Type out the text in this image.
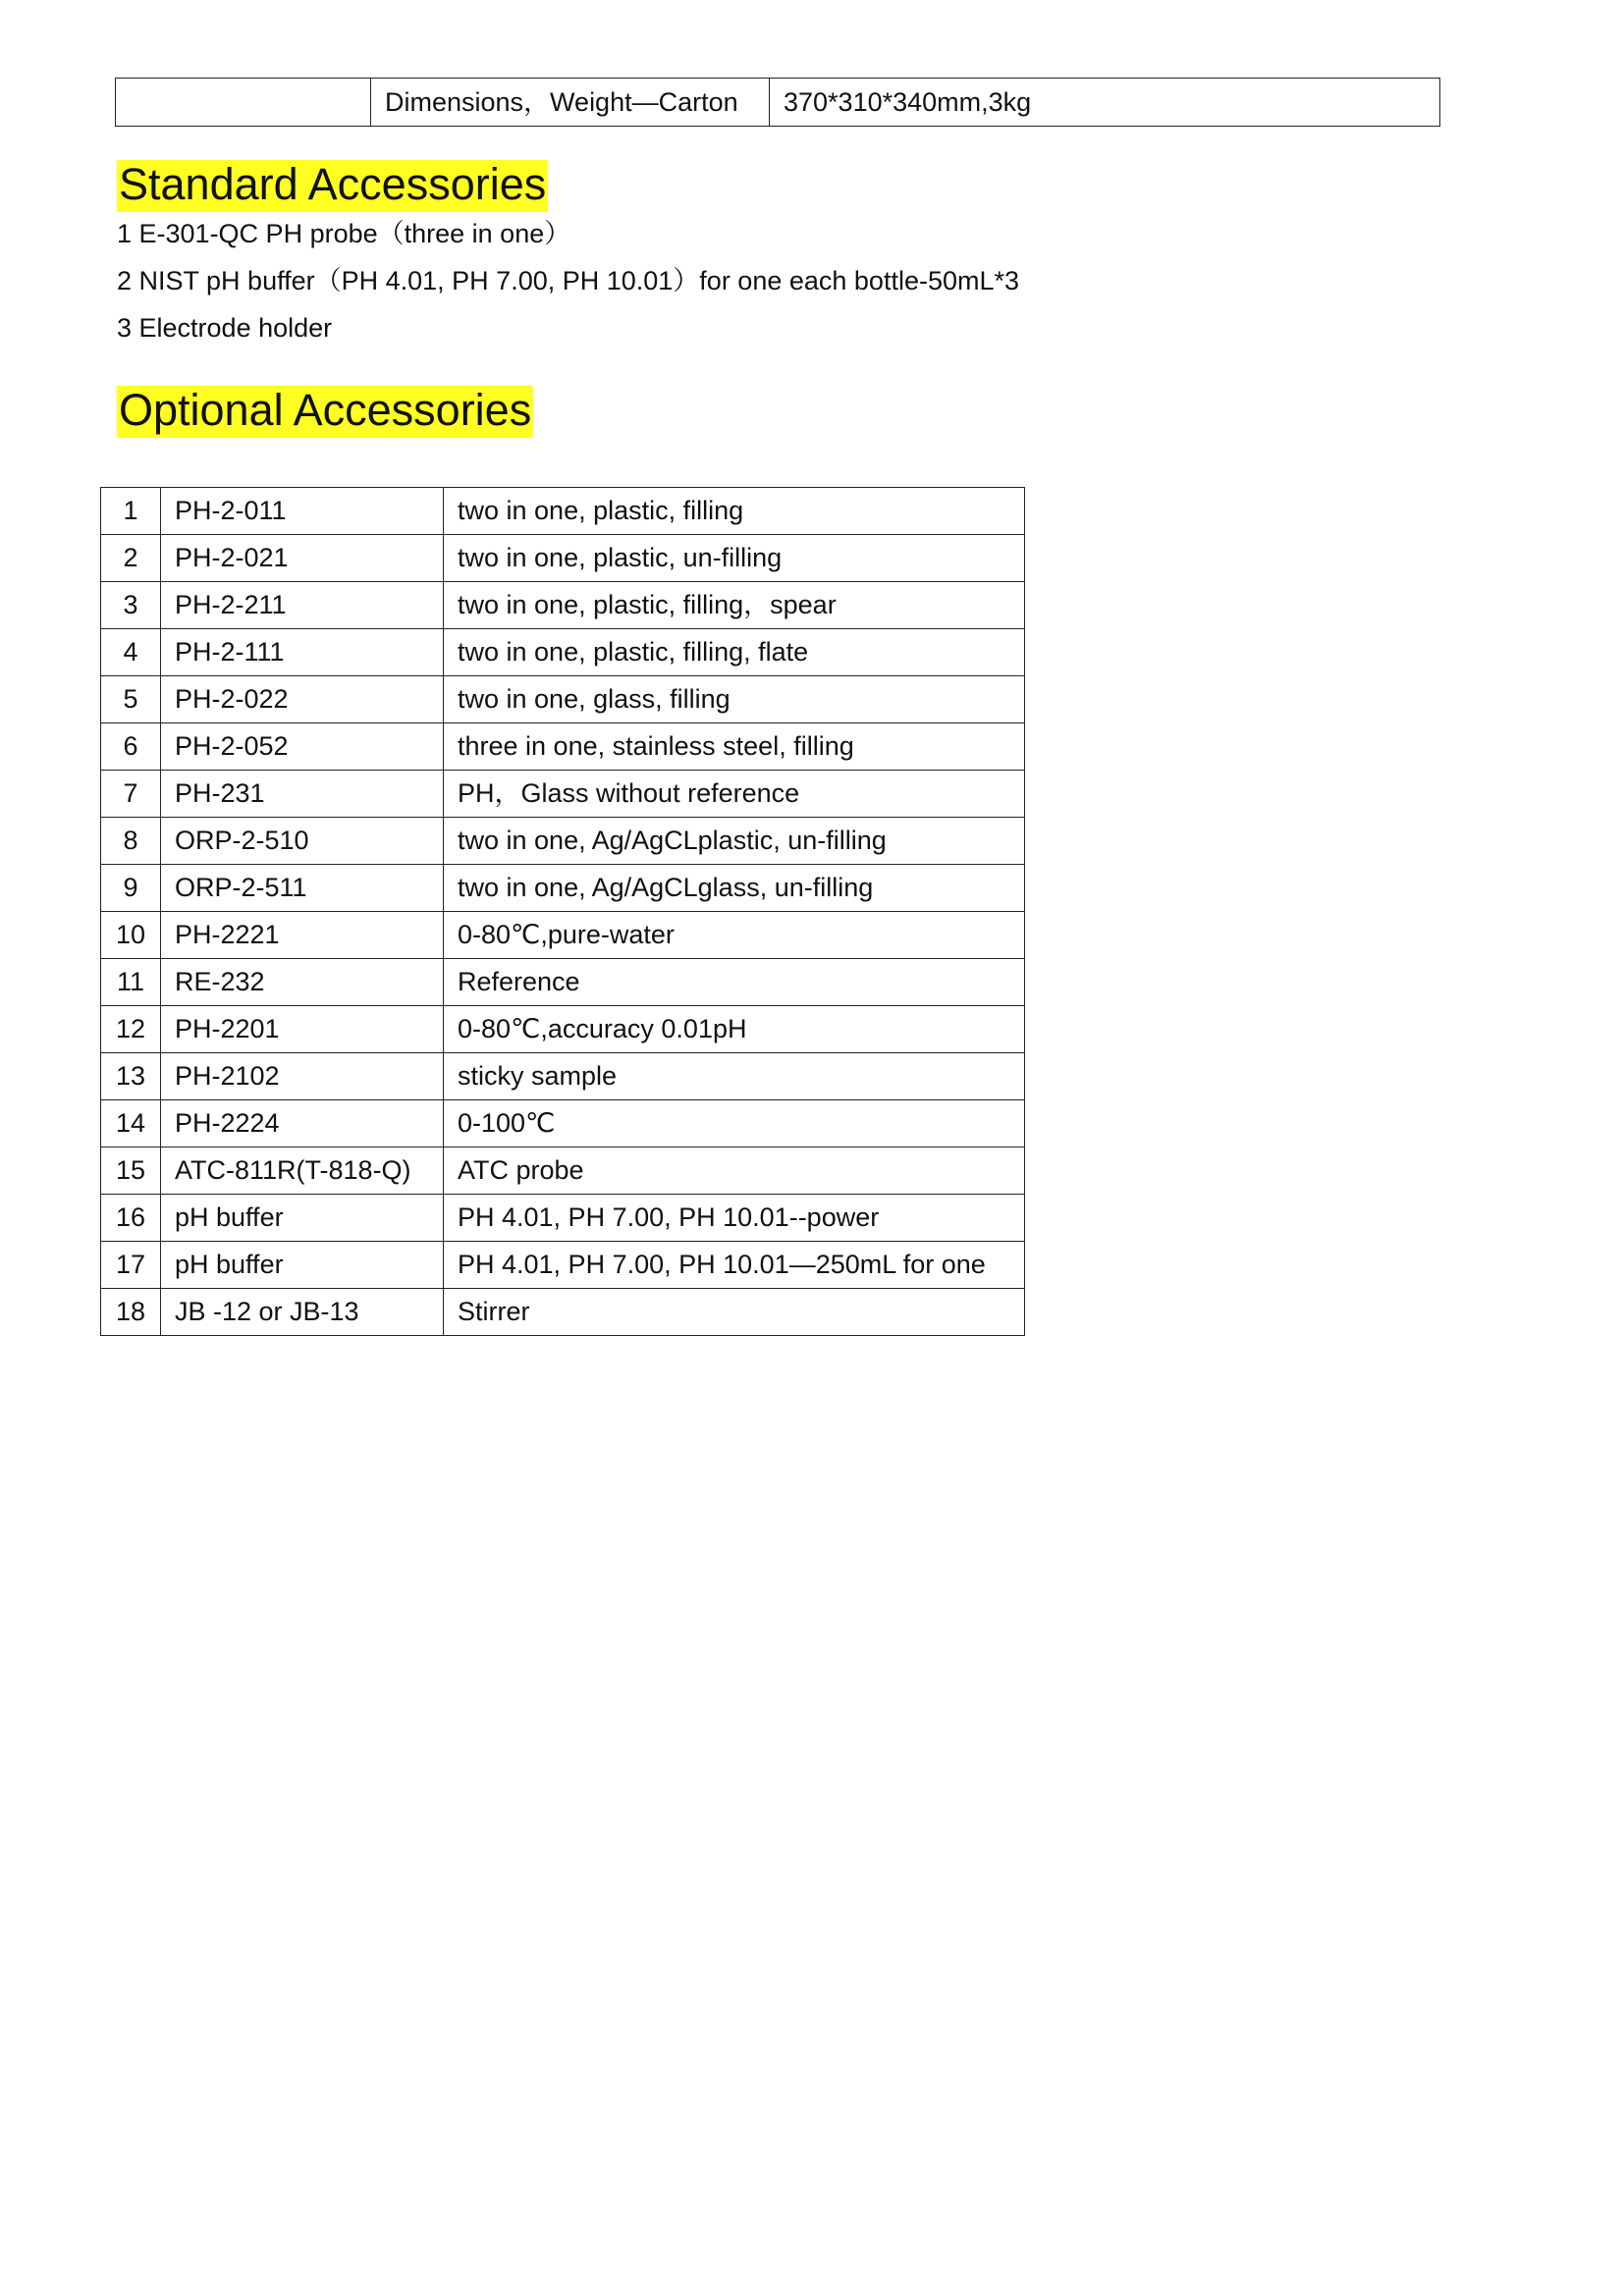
	Dimensions，Weight—Carton	370*310*340mm,3kg
Standard Accessories
1 E-301-QC PH probe（three in one）
2 NIST pH buffer（PH 4.01, PH 7.00, PH 10.01）for one each bottle-50mL*3
3 Electrode holder
Optional Accessories
1	PH-2-011	two in one, plastic, filling
2	PH-2-021	two in one, plastic, un-filling
3	PH-2-211	two in one, plastic, filling，spear
4	PH-2-111	two in one, plastic, filling, flate
5	PH-2-022	two in one, glass, filling
6	PH-2-052	three in one, stainless steel, filling
7	PH-231	PH，Glass without reference
8	ORP-2-510	two in one, Ag/AgCLplastic, un-filling
9	ORP-2-511	two in one, Ag/AgCLglass, un-filling
10	PH-2221	0-80℃,pure-water
11	RE-232	Reference
12	PH-2201	0-80℃,accuracy 0.01pH
13	PH-2102	sticky sample
14	PH-2224	0-100℃
15	ATC-811R(T-818-Q)	ATC probe
16	pH buffer	PH 4.01, PH 7.00, PH 10.01--power
17	pH buffer	PH 4.01, PH 7.00, PH 10.01—250mL for one
18	JB -12 or JB-13	Stirrer
